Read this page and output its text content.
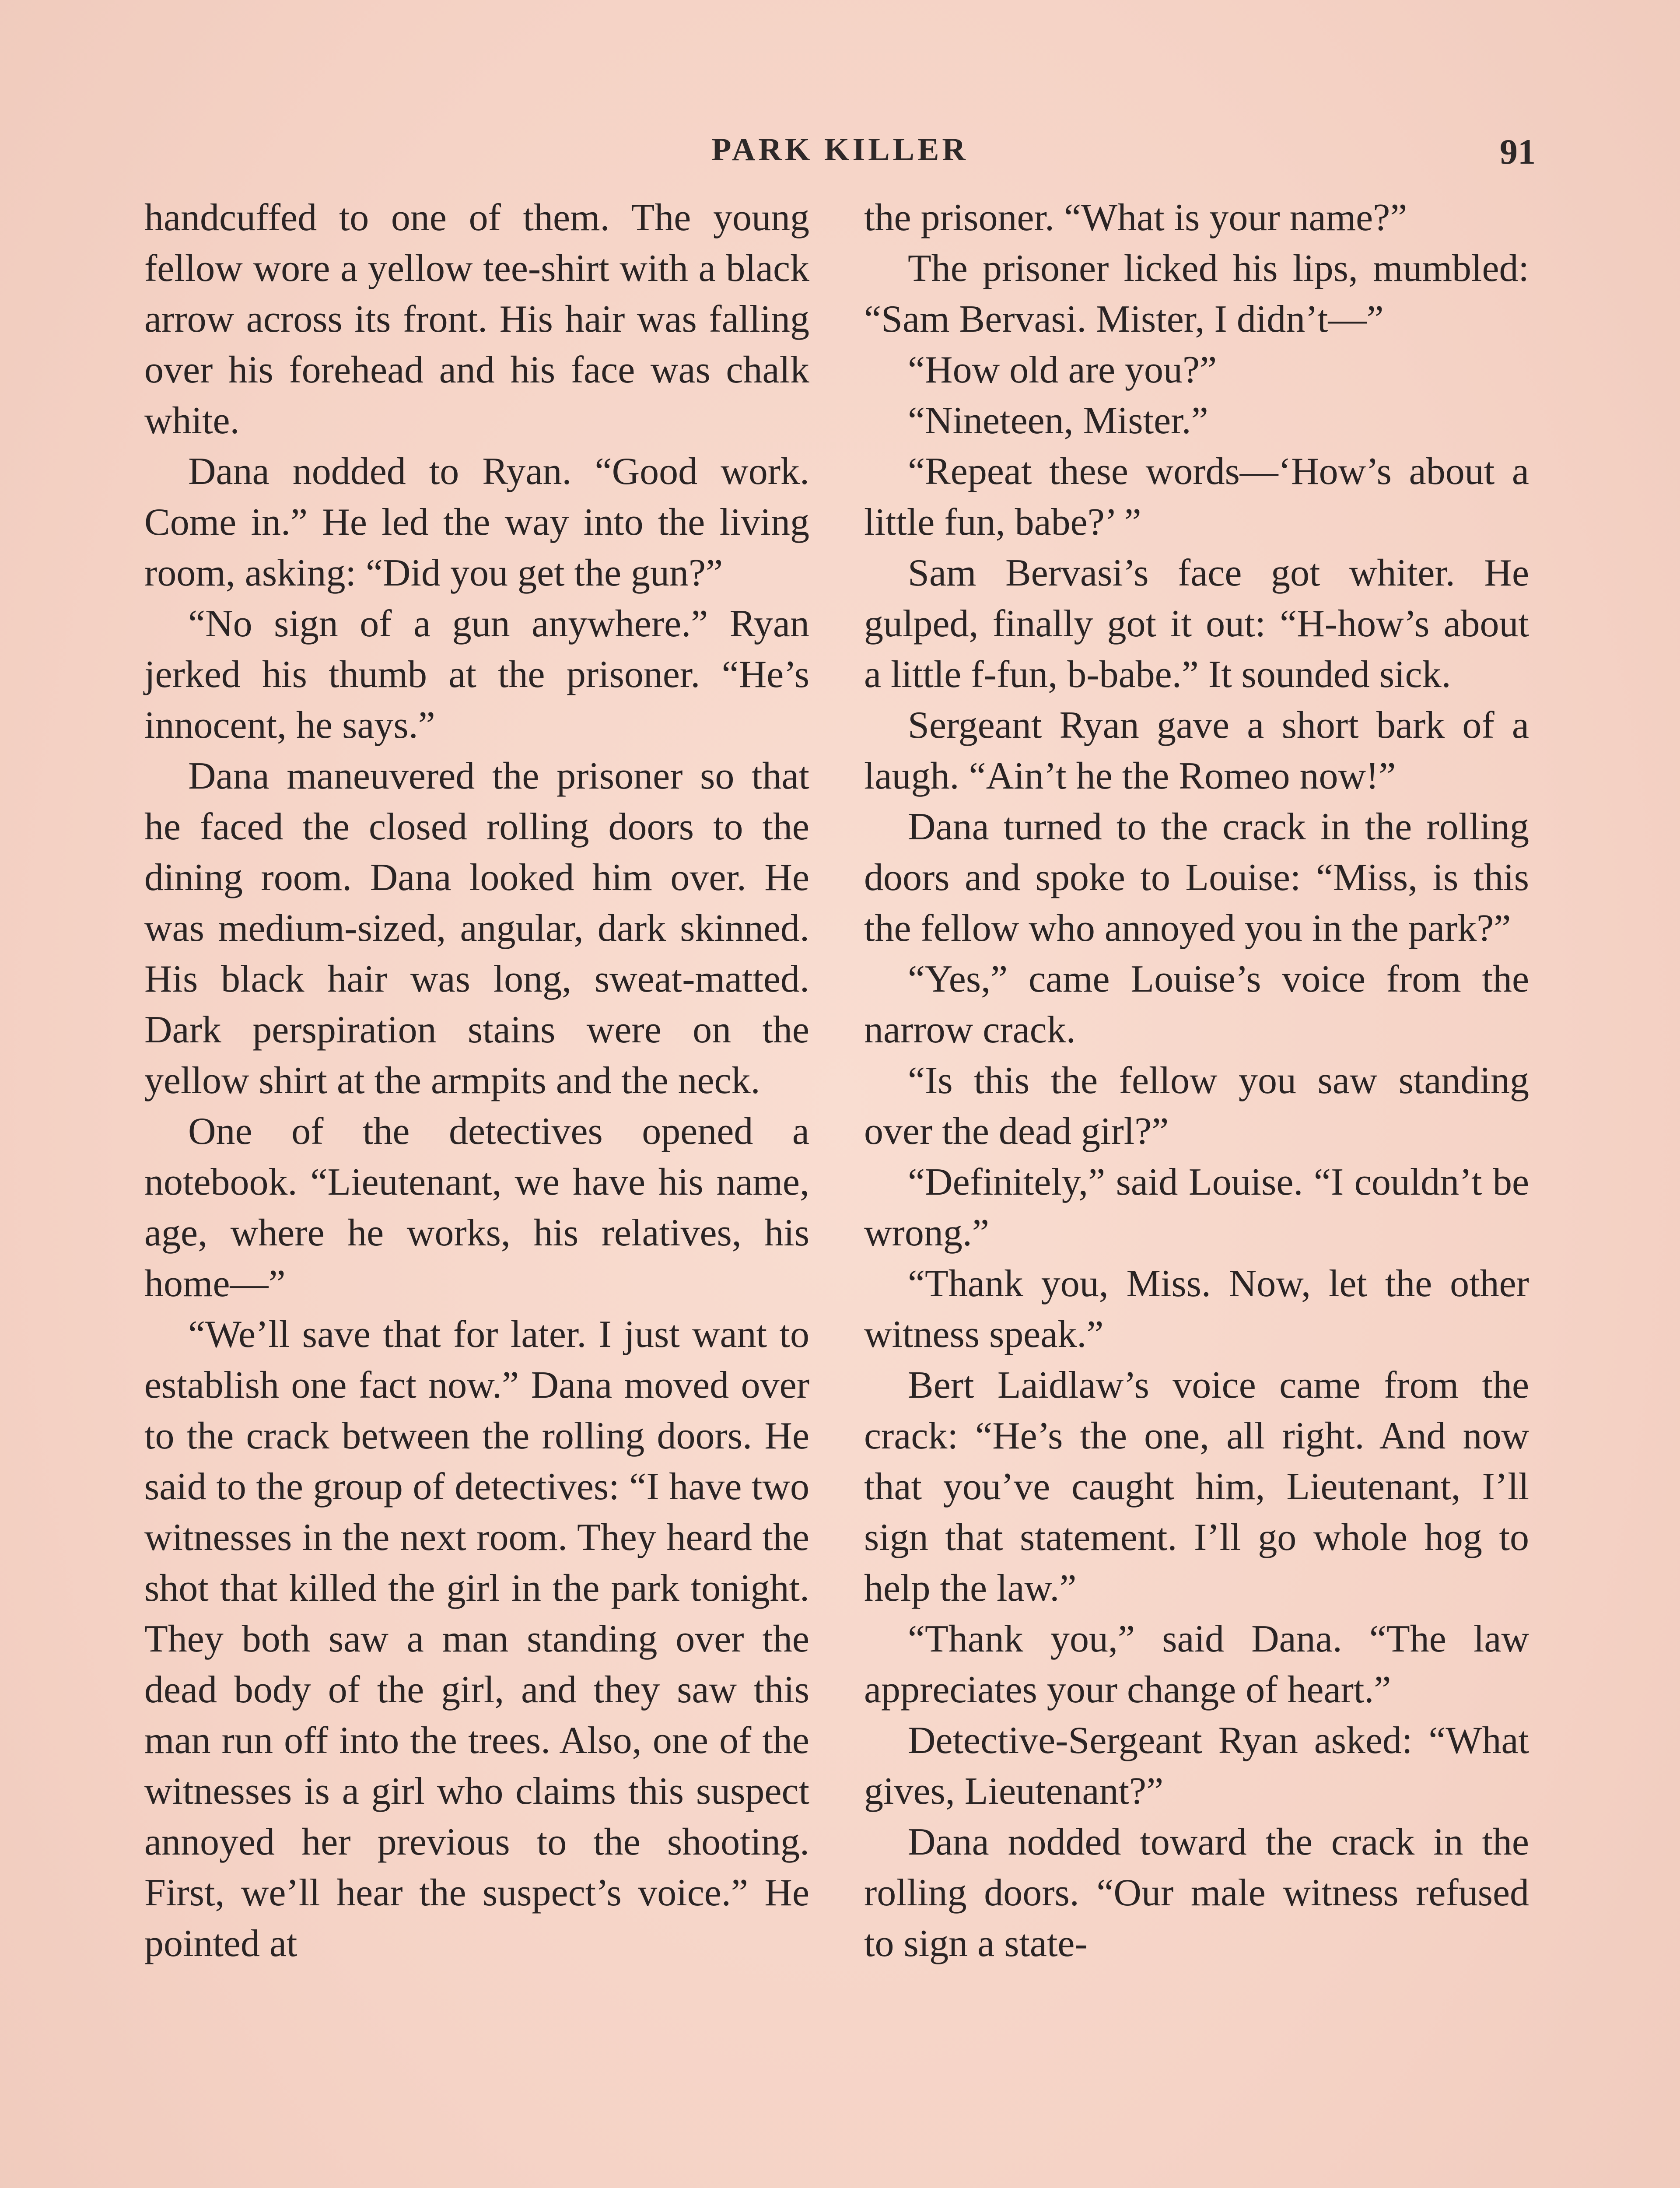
PARK KILLER	91

handcuffed to one of them. The young fellow wore a yellow tee-shirt with a black arrow across its front. His hair was falling over his forehead and his face was chalk white.

Dana nodded to Ryan. “Good work. Come in.” He led the way into the living room, asking: “Did you get the gun?”

“No sign of a gun anywhere.” Ryan jerked his thumb at the prisoner. “He’s innocent, he says.”

Dana maneuvered the prisoner so that he faced the closed rolling doors to the dining room. Dana looked him over. He was medium-sized, angular, dark skinned. His black hair was long, sweat-matted. Dark perspiration stains were on the yellow shirt at the armpits and the neck.

One of the detectives opened a notebook. “Lieutenant, we have his name, age, where he works, his relatives, his home—”

“We’ll save that for later. I just want to establish one fact now.” Dana moved over to the crack between the rolling doors. He said to the group of detectives: “I have two witnesses in the next room. They heard the shot that killed the girl in the park tonight. They both saw a man standing over the dead body of the girl, and they saw this man run off into the trees. Also, one of the witnesses is a girl who claims this suspect annoyed her previous to the shooting. First, we’ll hear the suspect’s voice.” He pointed at

the prisoner. “What is your name?”

The prisoner licked his lips, mumbled: “Sam Bervasi. Mister, I didn’t—”

“How old are you?”

“Nineteen, Mister.”

“Repeat these words—‘How’s about a little fun, babe?’ ”

Sam Bervasi’s face got whiter. He gulped, finally got it out: “H-how’s about a little f-fun, b-babe.” It sounded sick.

Sergeant Ryan gave a short bark of a laugh. “Ain’t he the Romeo now!”

Dana turned to the crack in the rolling doors and spoke to Louise: “Miss, is this the fellow who annoyed you in the park?”

“Yes,” came Louise’s voice from the narrow crack.

“Is this the fellow you saw standing over the dead girl?”

“Definitely,” said Louise. “I couldn’t be wrong.”

“Thank you, Miss. Now, let the other witness speak.”

Bert Laidlaw’s voice came from the crack: “He’s the one, all right. And now that you’ve caught him, Lieutenant, I’ll sign that statement. I’ll go whole hog to help the law.”

“Thank you,” said Dana. “The law appreciates your change of heart.”

Detective-Sergeant Ryan asked: “What gives, Lieutenant?”

Dana nodded toward the crack in the rolling doors. “Our male witness refused to sign a state-
